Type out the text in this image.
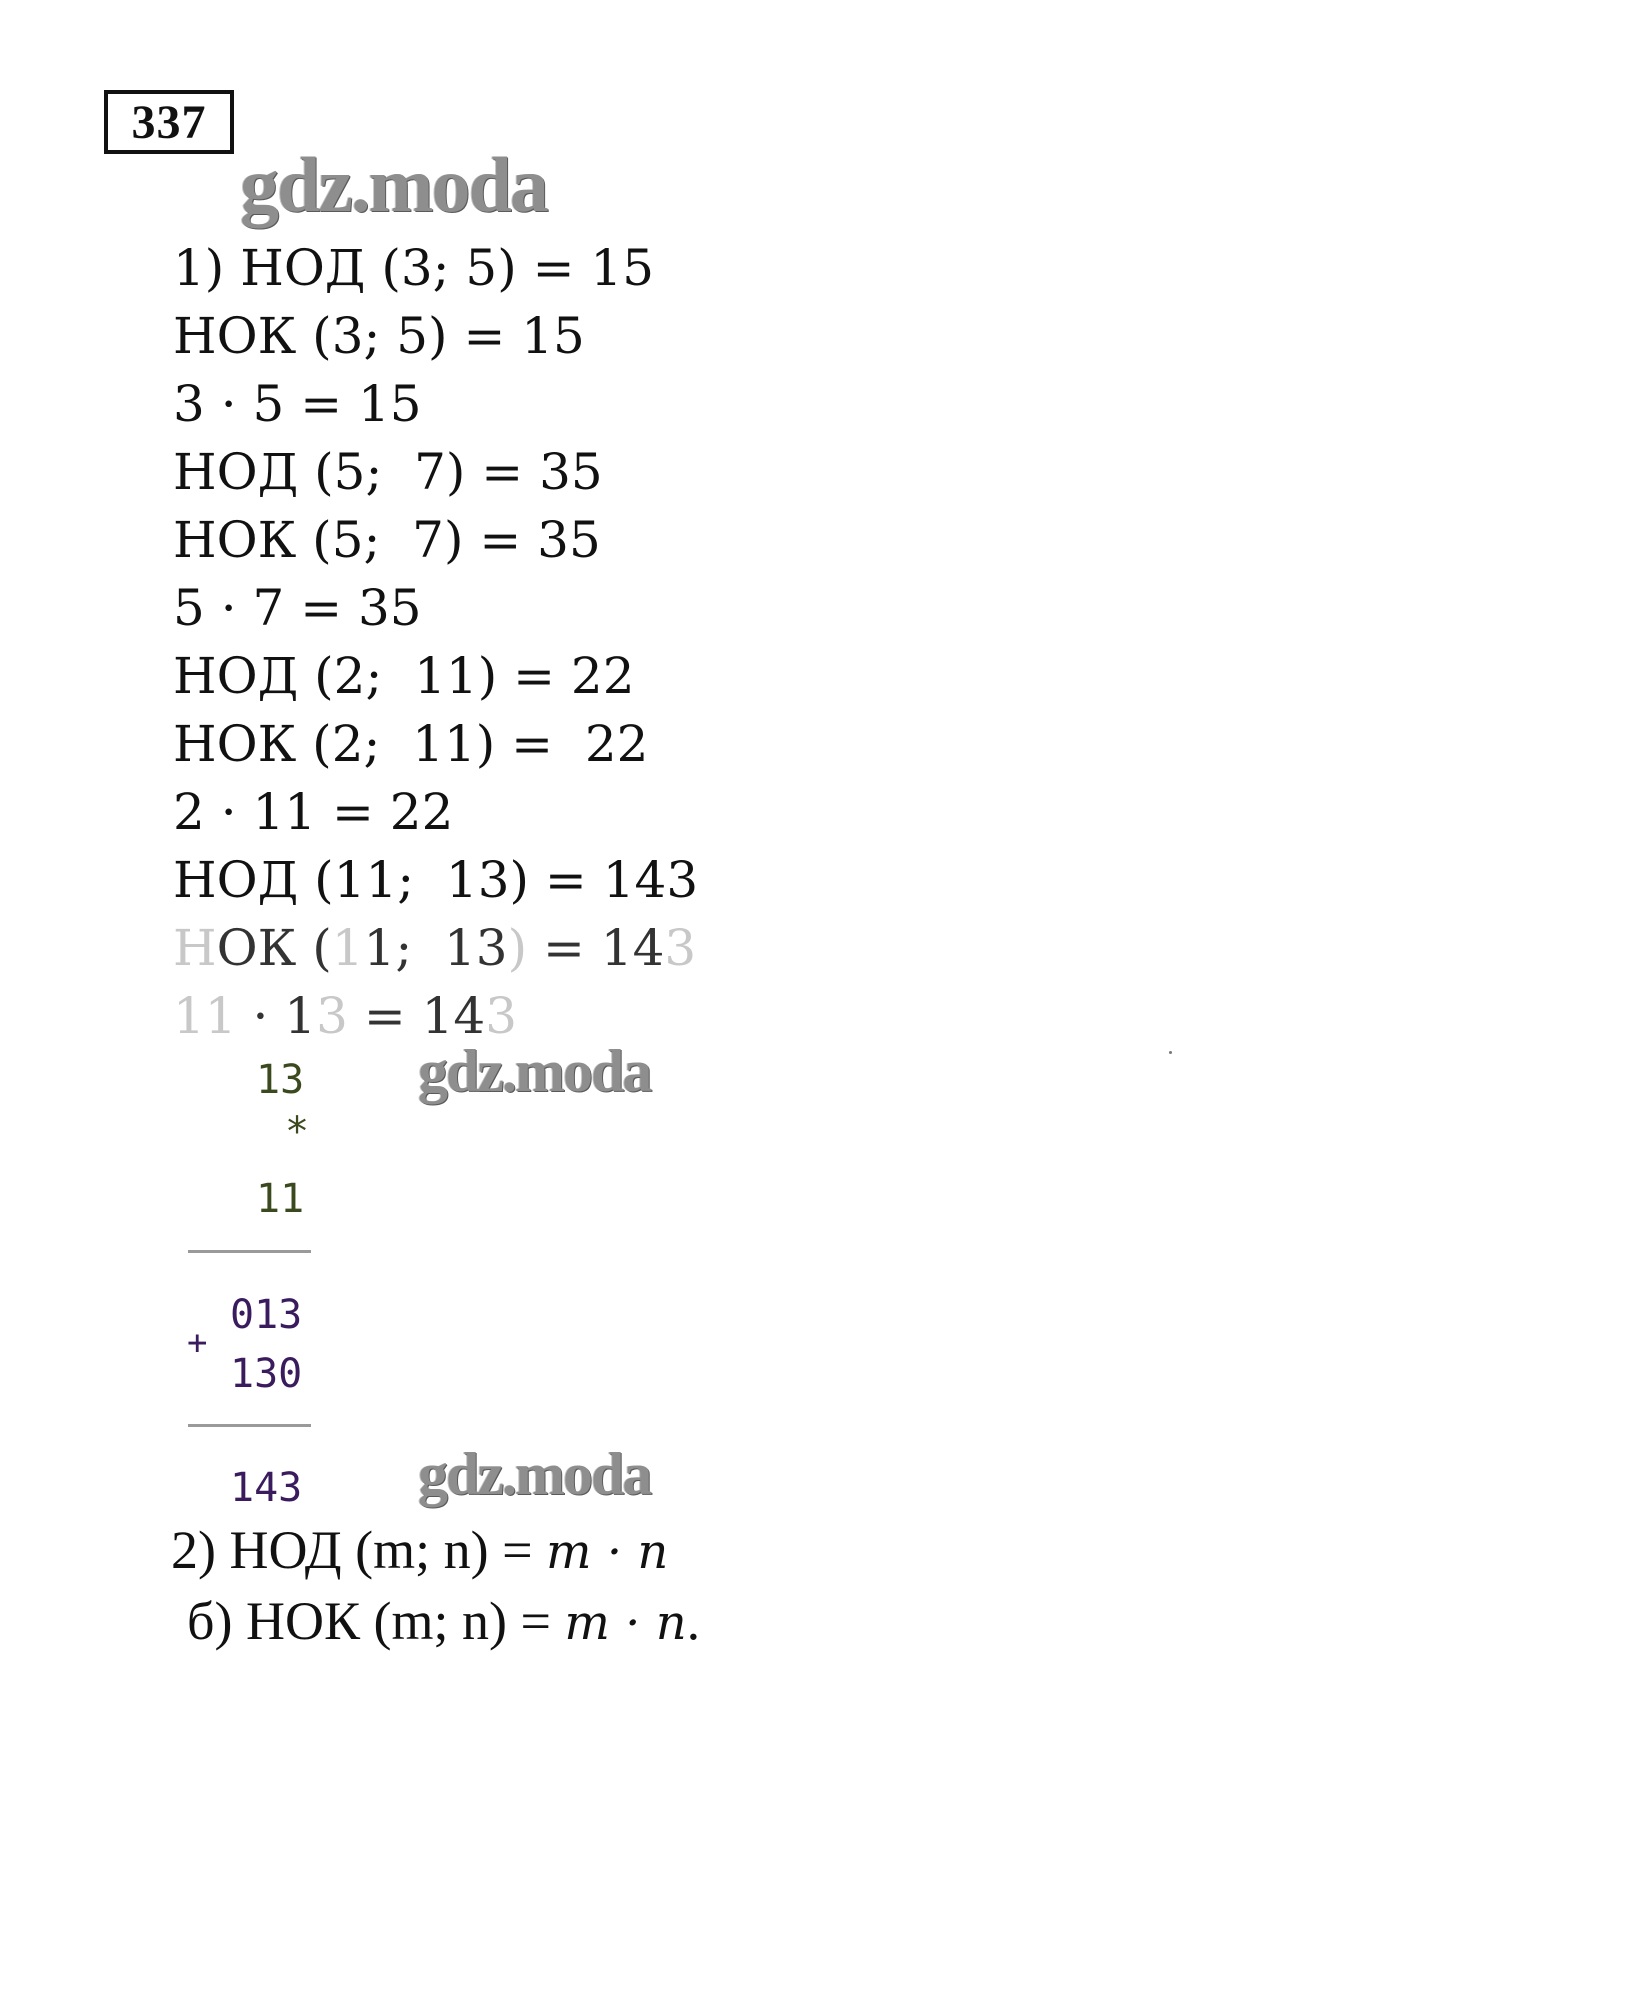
337
gdz.moda
1) НОД (3; 5) = 15
НОК (3; 5) = 15
3 · 5 = 15
НОД (5;  7) = 35
НОК (5;  7) = 35
5 · 7 = 35
НОД (2;  11) = 22
НОК (2;  11) =  22
2 · 11 = 22
НОД (11;  13) = 143
НОК (11;  13) = 143
11 · 13 = 143
gdz.moda
13
*
11
013
+
130
143 gdz.moda
2) НОД (m; n) = m · n
б) НОК (m; n) = m · n.
